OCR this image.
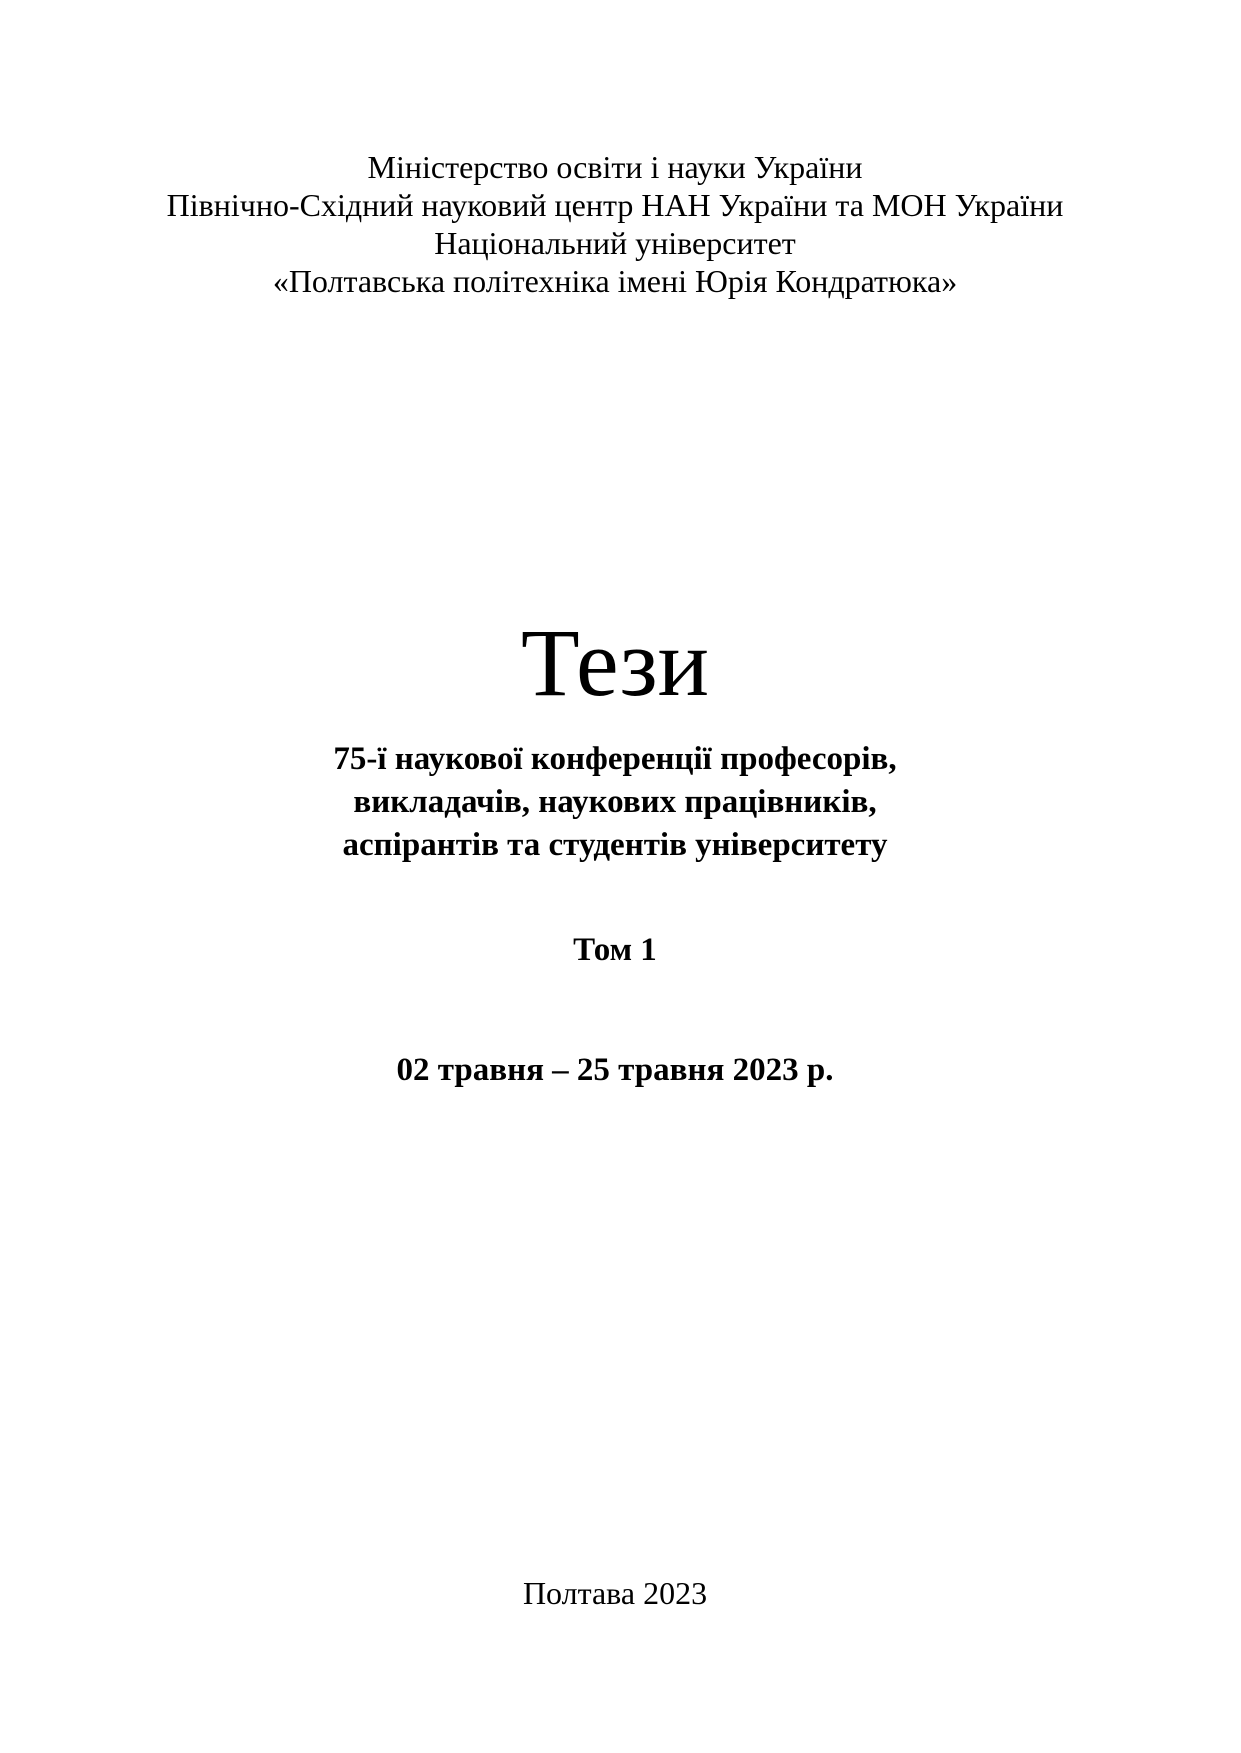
Міністерство освіти і науки України
Північно-Східний науковий центр НАН України та МОН України
Національний університет
«Полтавська політехніка імені Юрія Кондратюка»
Тези
75-ї наукової конференції професорів,
викладачів, наукових працівників,
аспірантів та студентів університету
Том 1
02 травня – 25 травня 2023 р.
Полтава 2023
